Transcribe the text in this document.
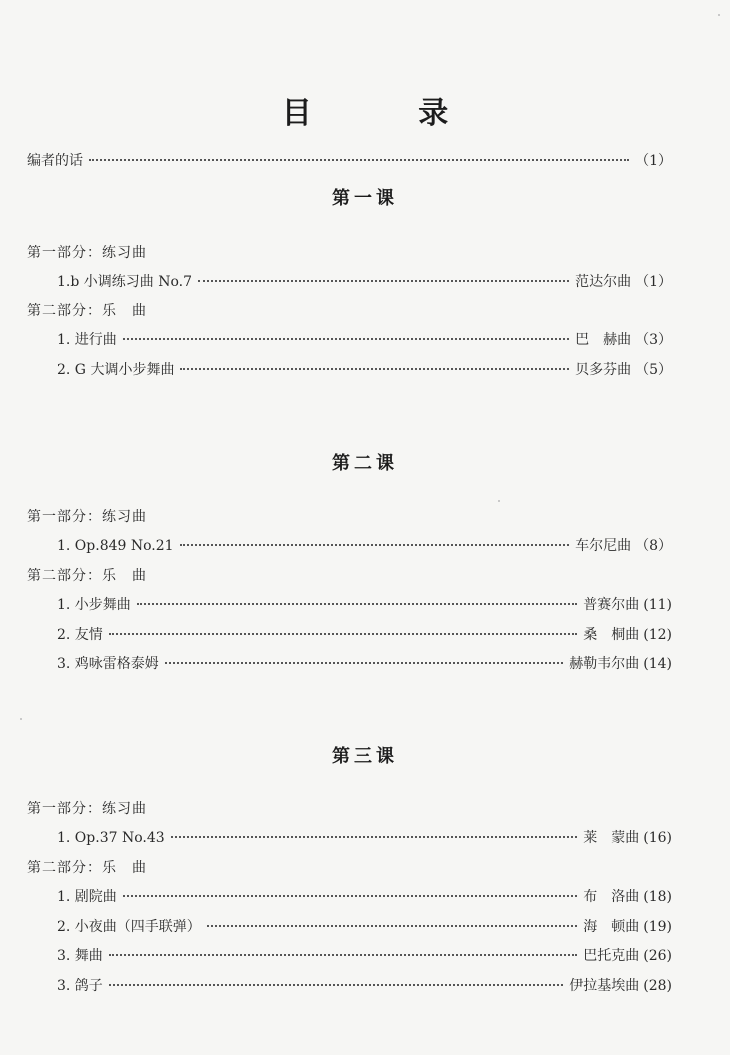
目 录
编者的话	（1）
第一课
第一部分：练习曲
1.b 小调练习曲 No.7	范达尔曲 （1）
第二部分：乐　曲
1. 进行曲	巴　赫曲 （3）
2. G 大调小步舞曲	贝多芬曲 （5）
第二课
第一部分：练习曲
1. Op.849 No.21	车尔尼曲 （8）
第二部分：乐　曲
1. 小步舞曲	普赛尔曲 (11)
2. 友情	桑　桐曲 (12)
3. 鸡咏雷格泰姆	赫勒韦尔曲 (14)
第三课
第一部分：练习曲
1. Op.37 No.43	莱　蒙曲 (16)
第二部分：乐　曲
1. 剧院曲	布　洛曲 (18)
2. 小夜曲（四手联弹）	海　顿曲 (19)
3. 舞曲	巴托克曲 (26)
3. 鸽子	伊拉基埃曲 (28)
